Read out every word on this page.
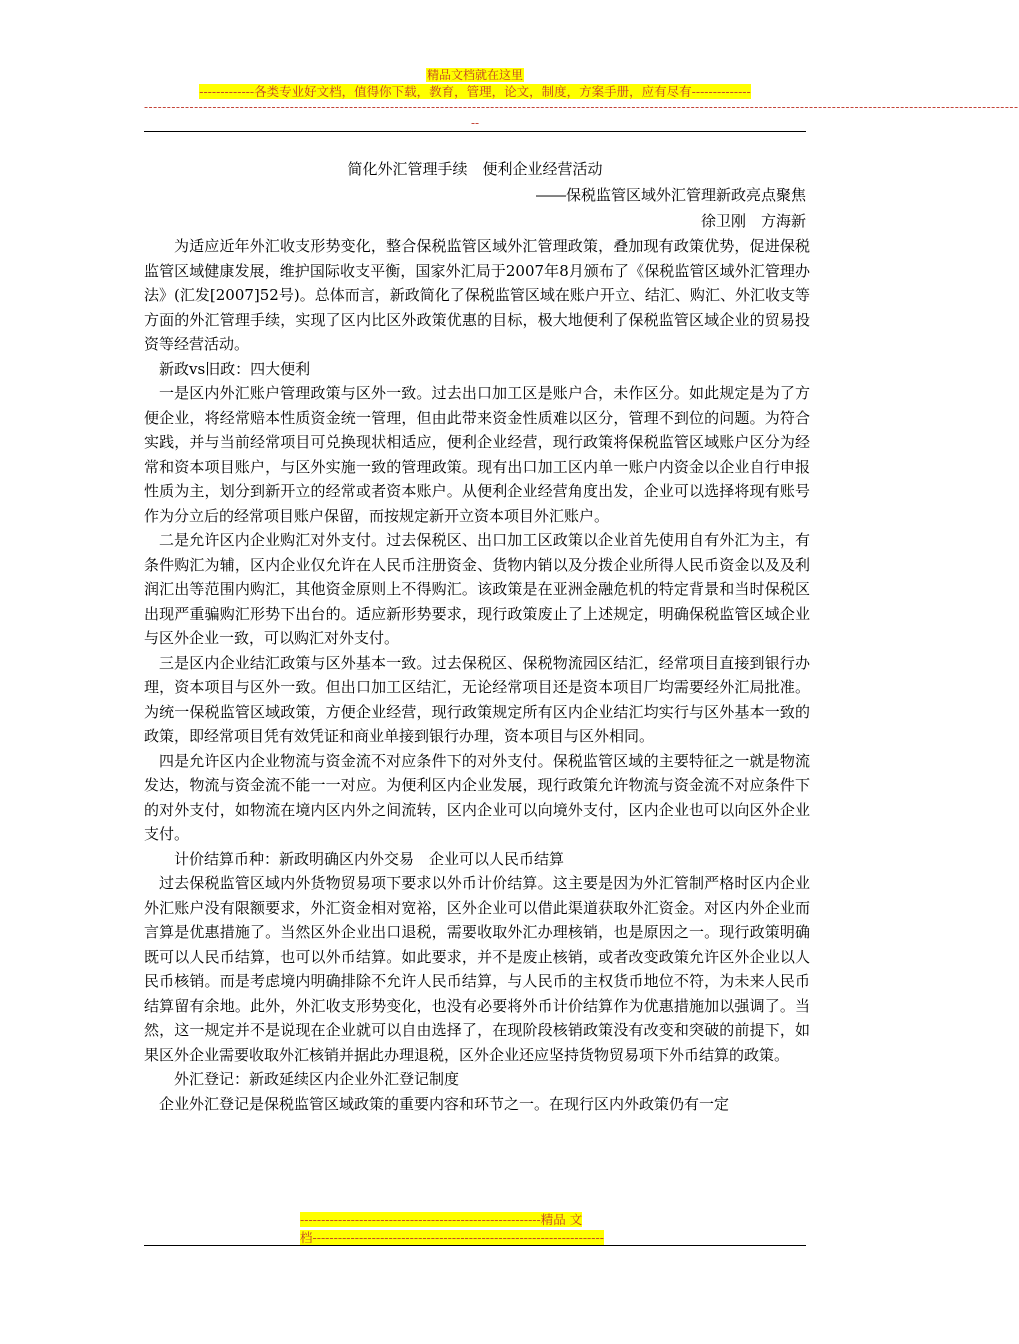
精品文档就在这里
-------------各类专业好文档，值得你下载，教育，管理，论文，制度，方案手册，应有尽有--------------
------------------------------------------------------------------------------------------------------------------------------------------------------------------------------------------------
--
简化外汇管理手续　便利企业经营活动
――保税监管区域外汇管理新政亮点聚焦
徐卫刚　方海新

为适应近年外汇收支形势变化，整合保税监管区域外汇管理政策，叠加现有政策优势，促进保税监管区域健康发展，维护国际收支平衡，国家外汇局于2007年8月颁布了《保税监管区域外汇管理办法》(汇发[2007]52号)。总体而言，新政简化了保税监管区域在账户开立、结汇、购汇、外汇收支等方面的外汇管理手续，实现了区内比区外政策优惠的目标，极大地便利了保税监管区域企业的贸易投资等经营活动。

新政vs旧政：四大便利

一是区内外汇账户管理政策与区外一致。过去出口加工区是账户合，未作区分。如此规定是为了方便企业，将经常赔本性质资金统一管理，但由此带来资金性质难以区分，管理不到位的问题。为符合实践，并与当前经常项目可兑换现状相适应，便利企业经营，现行政策将保税监管区域账户区分为经常和资本项目账户，与区外实施一致的管理政策。现有出口加工区内单一账户内资金以企业自行申报性质为主，划分到新开立的经常或者资本账户。从便利企业经营角度出发，企业可以选择将现有账号作为分立后的经常项目账户保留，而按规定新开立资本项目外汇账户。

二是允许区内企业购汇对外支付。过去保税区、出口加工区政策以企业首先使用自有外汇为主，有条件购汇为辅，区内企业仅允许在人民币注册资金、货物内销以及分拨企业所得人民币资金以及及利润汇出等范围内购汇，其他资金原则上不得购汇。该政策是在亚洲金融危机的特定背景和当时保税区出现严重骗购汇形势下出台的。适应新形势要求，现行政策废止了上述规定，明确保税监管区域企业与区外企业一致，可以购汇对外支付。

三是区内企业结汇政策与区外基本一致。过去保税区、保税物流园区结汇，经常项目直接到银行办理，资本项目与区外一致。但出口加工区结汇，无论经常项目还是资本项目厂均需要经外汇局批准。为统一保税监管区域政策，方便企业经营，现行政策规定所有区内企业结汇均实行与区外基本一致的政策，即经常项目凭有效凭证和商业单接到银行办理，资本项目与区外相同。

四是允许区内企业物流与资金流不对应条件下的对外支付。保税监管区域的主要特征之一就是物流发达，物流与资金流不能一一对应。为便利区内企业发展，现行政策允许物流与资金流不对应条件下的对外支付，如物流在境内区内外之间流转，区内企业可以向境外支付，区内企业也可以向区外企业支付。

计价结算币种：新政明确区内外交易　企业可以人民币结算

过去保税监管区域内外货物贸易项下要求以外币计价结算。这主要是因为外汇管制严格时区内企业外汇账户没有限额要求，外汇资金相对宽裕，区外企业可以借此渠道获取外汇资金。对区内外企业而言算是优惠措施了。当然区外企业出口退税，需要收取外汇办理核销，也是原因之一。现行政策明确既可以人民币结算，也可以外币结算。如此要求，并不是废止核销，或者改变政策允许区外企业以人民币核销。而是考虑境内明确排除不允许人民币结算，与人民币的主权货币地位不符，为未来人民币结算留有余地。此外，外汇收支形势变化，也没有必要将外币计价结算作为优惠措施加以强调了。当然，这一规定并不是说现在企业就可以自由选择了，在现阶段核销政策没有改变和突破的前提下，如果区外企业需要收取外汇核销并据此办理退税，区外企业还应坚持货物贸易项下外币结算的政策。

外汇登记：新政延续区内企业外汇登记制度

企业外汇登记是保税监管区域政策的重要内容和环节之一。在现行区内外政策仍有一定

---------------------------------------------------------精品 文
档---------------------------------------------------------------------
